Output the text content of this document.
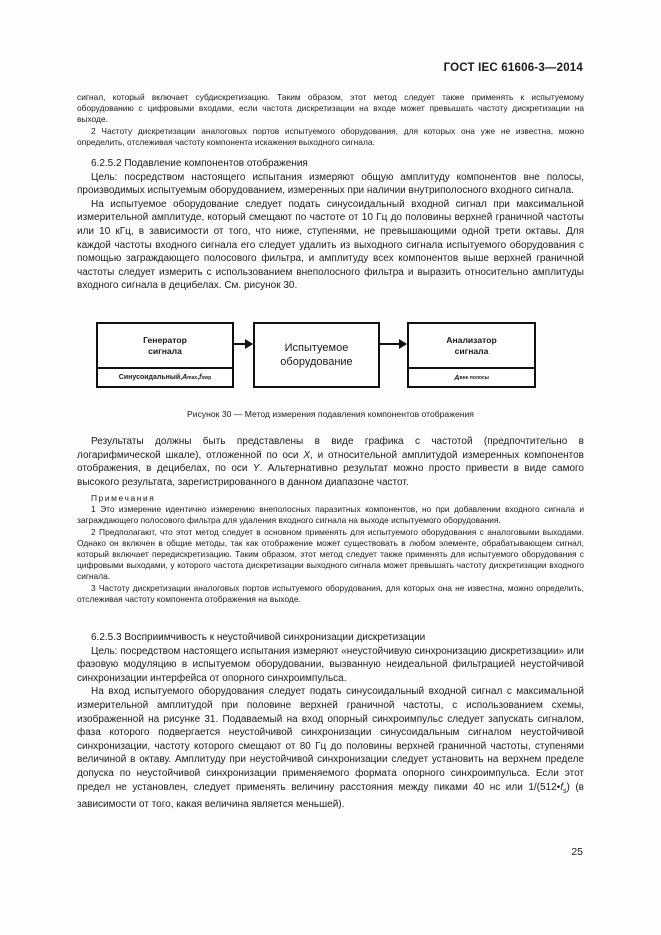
ГОСТ IEC 61606-3—2014

сигнал, который включает субдискретизацию. Таким образом, этот метод следует также применять к испытуемому оборудованию с цифровыми входами, если частота дискретизации на входе может превышать частоту дискретизации на выходе.

2 Частоту дискретизации аналоговых портов испытуемого оборудования, для которых она уже не известна, можно определить, отслеживая частоту компонента искажения выходного сигнала.

6.2.5.2 Подавление компонентов отображения

Цель: посредством настоящего испытания измеряют общую амплитуду компонентов вне полосы, производимых испытуемым оборудованием, измеренных при наличии внутриполосного входного сигнала.

На испытуемое оборудование следует подать синусоидальный входной сигнал при максимальной измерительной амплитуде, который смещают по частоте от 10 Гц до половины верхней граничной частоты или 10 кГц, в зависимости от того, что ниже, ступенями, не превышающими одной трети октавы. Для каждой частоты входного сигнала его следует удалить из выходного сигнала испытуемого оборудования с помощью заграждающего полосового фильтра, и амплитуду всех компонентов выше верхней граничной частоты следует измерить с использованием внеполосного фильтра и выразить относительно амплитуды входного сигнала в децибелах. См. рисунок 30.

Генератор
сигнала
Синусоидальный, A max , f swp
Испытуемое
оборудование
Анализатор
сигнала
A вне полосы
Рисунок 30 — Метод измерения подавления компонентов отображения

Результаты должны быть представлены в виде графика с частотой (предпочтительно в логарифмической шкале), отложенной по оси X, и относительной амплитудой измеренных компонентов отображения, в децибелах, по оси Y. Альтернативно результат можно просто привести в виде самого высокого результата, зарегистрированного в данном диапазоне частот.

Примечания

1 Это измерение идентично измерению внеполосных паразитных компонентов, но при добавлении входного сигнала и заграждающего полосового фильтра для удаления входного сигнала на выходе испытуемого оборудования.

2 Предполагают, что этот метод следует в основном применять для испытуемого оборудования с аналоговыми выходами. Однако он включен в общие методы, так как отображение может существовать в любом элементе, обрабатывающем сигнал, который включает передискретизацию. Таким образом, этот метод следует также применять для испытуемого оборудования с цифровыми выходами, у которого частота дискретизации выходного сигнала может превышать частоту дискретизации входного сигнала.

3 Частоту дискретизации аналоговых портов испытуемого оборудования, для которых она не известна, можно определить, отслеживая частоту компонента отображения на выходе.

6.2.5.3 Восприимчивость к неустойчивой синхронизации дискретизации

Цель: посредством настоящего испытания измеряют «неустойчивую синхронизацию дискретизации» или фазовую модуляцию в испытуемом оборудовании, вызванную неидеальной фильтрацией неустойчивой синхронизации интерфейса от опорного синхроимпульса.

На вход испытуемого оборудования следует подать синусоидальный входной сигнал с максимальной измерительной амплитудой при половине верхней граничной частоты, с использованием схемы, изображенной на рисунке 31. Подаваемый на вход опорный синхроимпульс следует запускать сигналом, фаза которого подвергается неустойчивой синхронизации синусоидальным сигналом неустойчивой синхронизации, частоту которого смещают от 80 Гц до половины верхней граничной частоты, ступенями величиной в октаву. Амплитуду при неустойчивой синхронизации следует установить на верхнем пределе допуска по неустойчивой синхронизации применяемого формата опорного синхроимпульса. Если этот предел не установлен, следует применять величину расстояния между пиками 40 нс или $1/(512•f_s)$ (в зависимости от того, какая величина является меньшей).

25
